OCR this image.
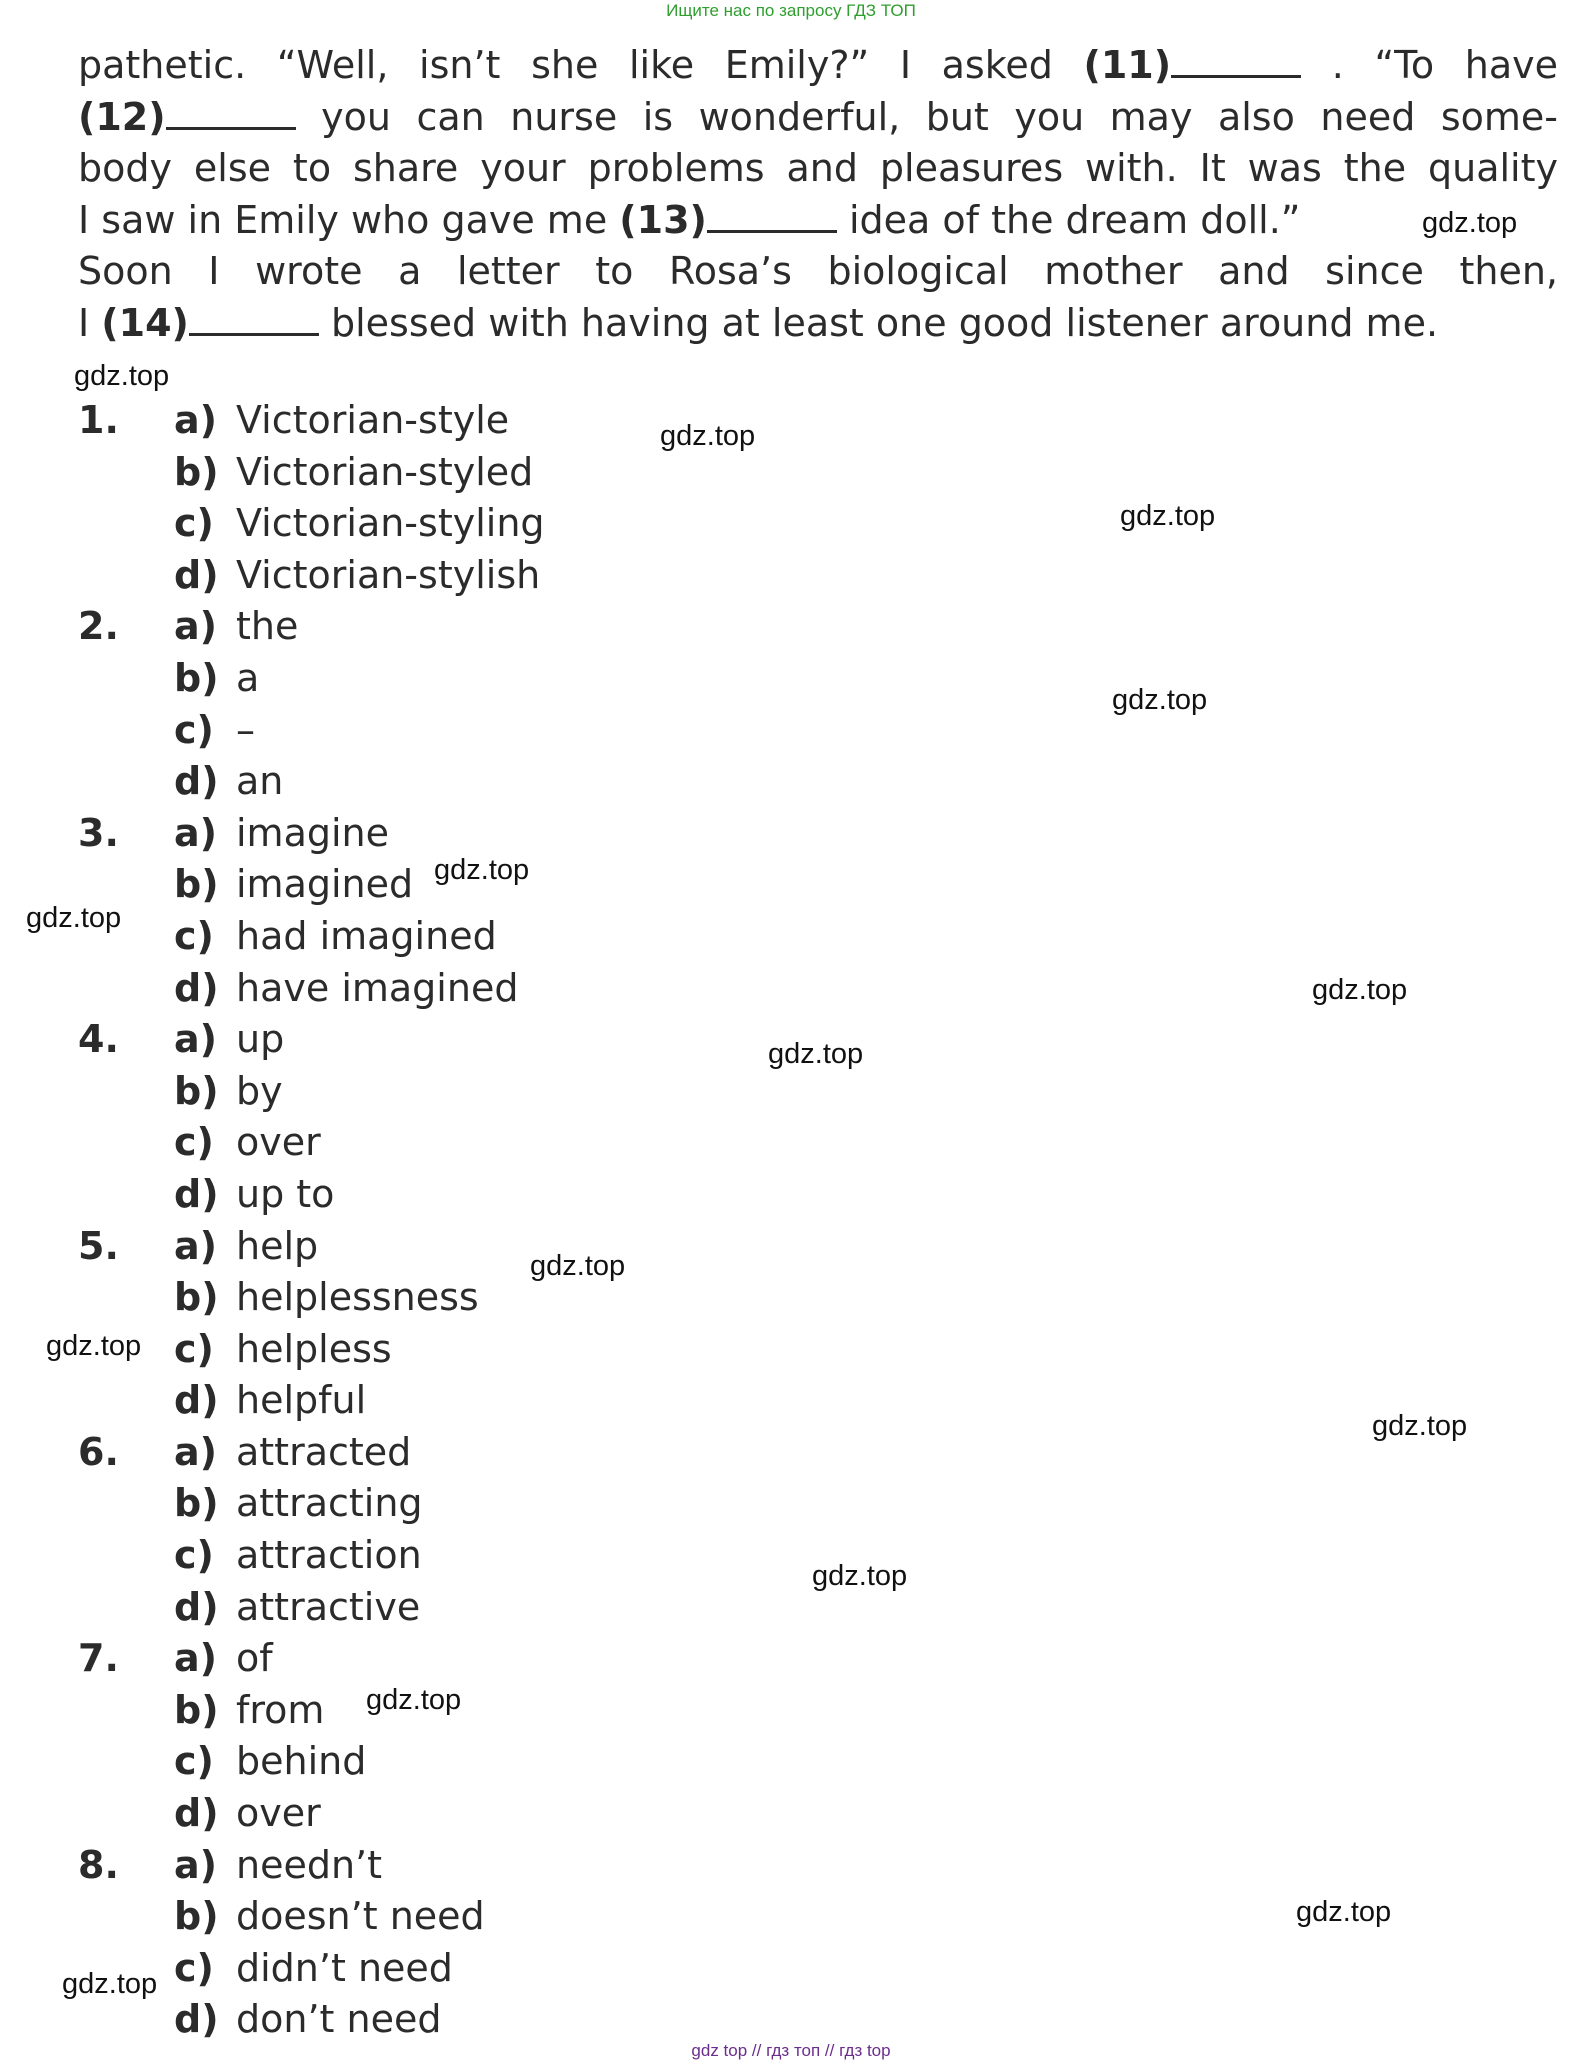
Ищите нас по запросу ГДЗ ТОП
pathetic. “Well, isn’t she like Emily?” I asked (11)	. “To have
(12)	you can nurse is wonderful, but you may also need some-
body else to share your problems and pleasures with. It was the quality
I saw in Emily who gave me (13)	idea of the dream doll.”
Soon I wrote a letter to Rosa’s biological mother and since then,
I (14)	blessed with having at least one good listener around me.
1. a) Victorian-style
b) Victorian-styled
c) Victorian-styling
d) Victorian-stylish
2. a) the
b) a
c) –
d) an
3. a) imagine
b) imagined
c) had imagined
d) have imagined
4. a) up
b) by
c) over
d) up to
5. a) help
b) helplessness
c) helpless
d) helpful
6. a) attracted
b) attracting
c) attraction
d) attractive
7. a) of
b) from
c) behind
d) over
8. a) needn’t
b) doesn’t need
c) didn’t need
d) don’t need
gdz.top
gdz.top
gdz.top
gdz.top
gdz.top
gdz.top
gdz.top
gdz.top
gdz.top
gdz.top
gdz.top
gdz.top
gdz.top
gdz.top
gdz.top
gdz.top
gdz top // гдз топ // гдз top
